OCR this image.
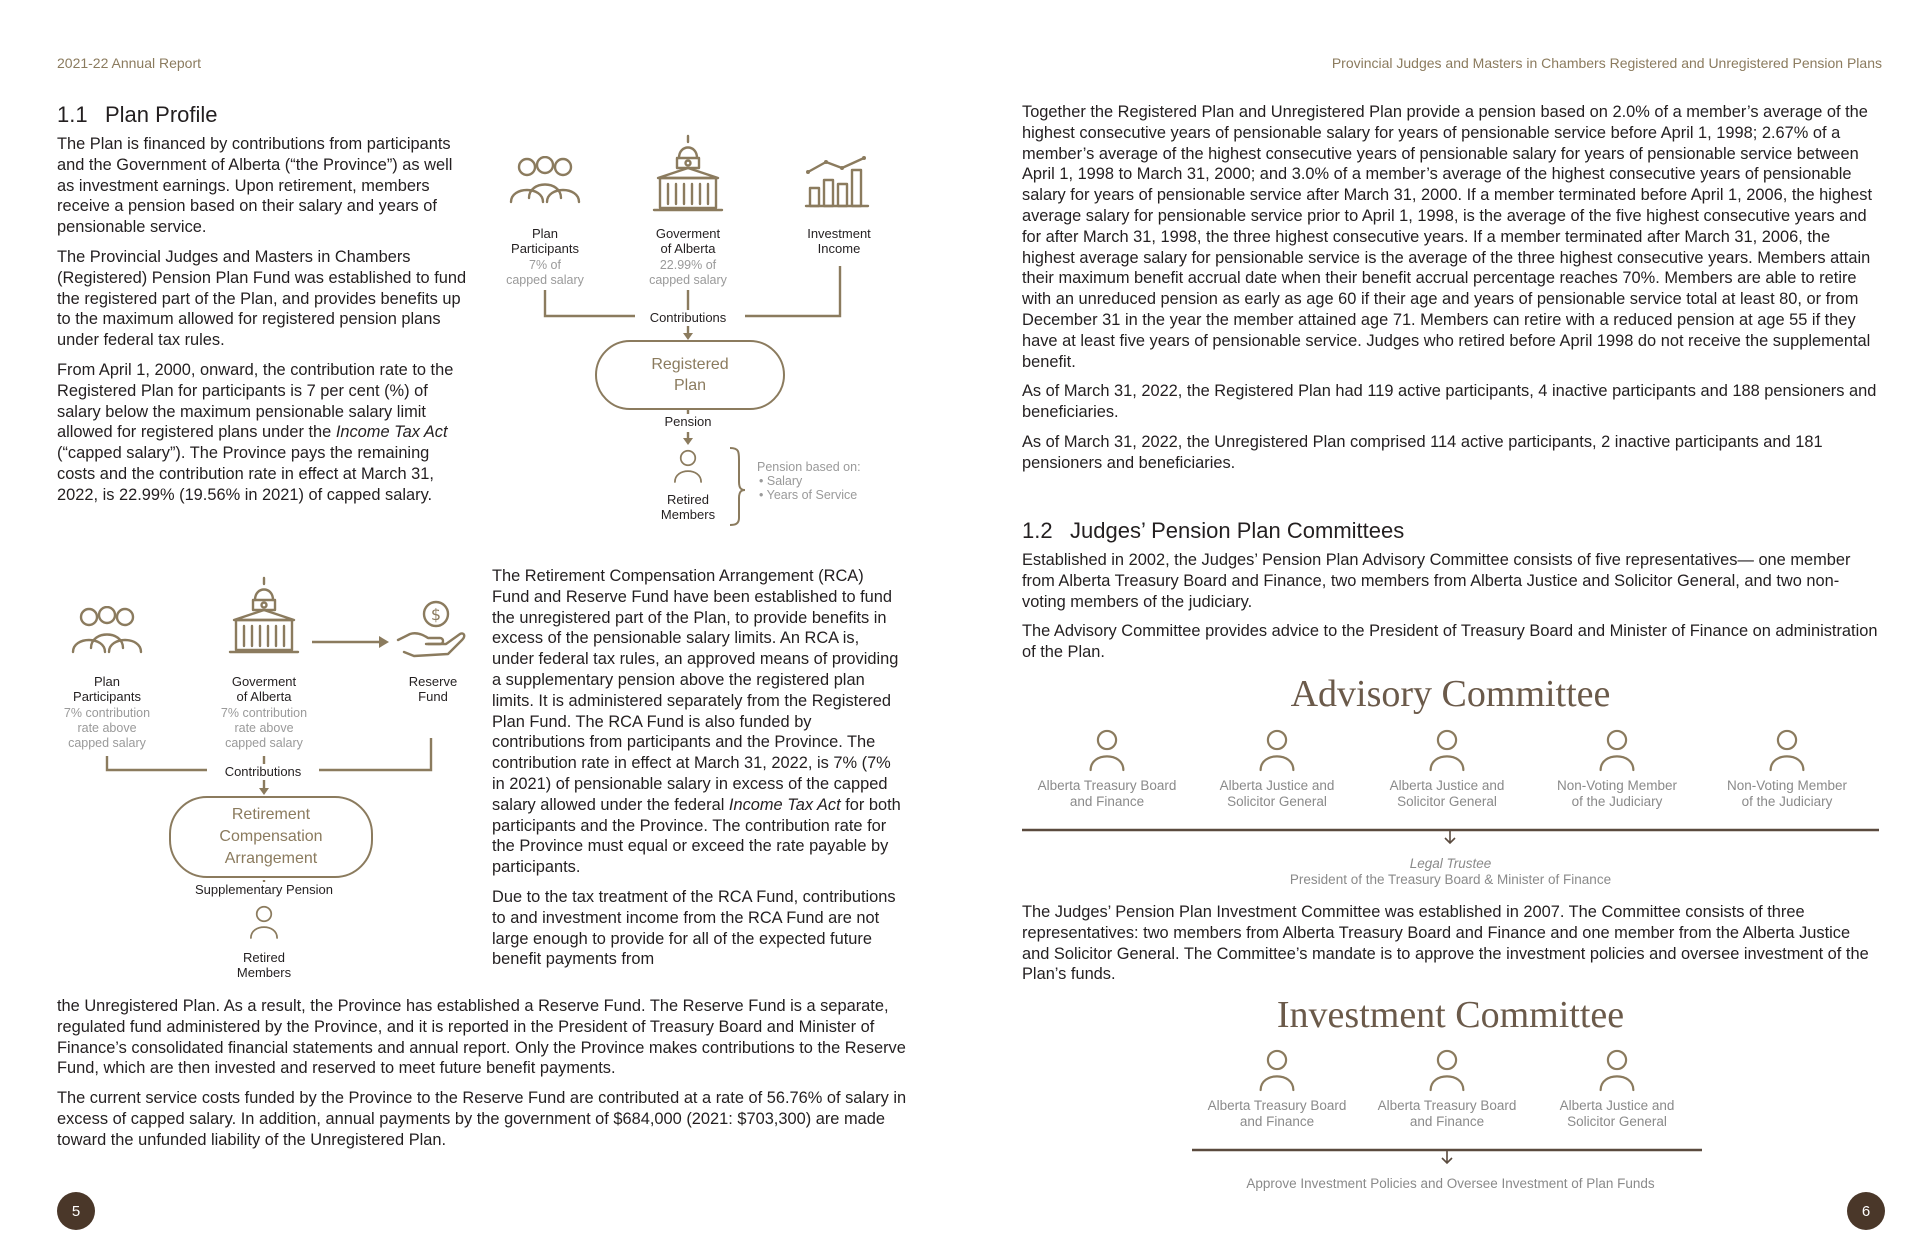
2021-22 Annual Report	Provincial Judges and Masters in Chambers Registered and Unregistered Pension Plans
1.1 Plan Profile

The Plan is financed by contributions from participants and the Government of Alberta (“the Province”) as well as investment earnings. Upon retirement, members receive a pension based on their salary and years of pensionable service.

The Provincial Judges and Masters in Chambers (Registered) Pension Plan Fund was established to fund the registered part of the Plan, and provides benefits up to the maximum allowed for registered pension plans under federal tax rules.

From April 1, 2000, onward, the contribution rate to the Registered Plan for participants is 7 per cent (%) of salary below the maximum pensionable salary limit allowed for registered plans under the Income Tax Act (“capped salary”). The Province pays the remaining costs and the contribution rate in effect at March 31, 2022, is 22.99% (19.56% in 2021) of capped salary.

Plan
Participants
7% of
capped salary
Goverment
of Alberta
22.99% of
capped salary
Investment
Income
Contributions
Registered
Plan
Pension
Retired
Members
Pension based on:
• Salary
• Years of Service
Plan
Participants
7% contribution
rate above
capped salary
Goverment
of Alberta
7% contribution
rate above
capped salary
Reserve
Fund
Contributions
Retirement
Compensation
Arrangement
Supplementary Pension
Retired
Members

The Retirement Compensation Arrangement (RCA) Fund and Reserve Fund have been established to fund the unregistered part of the Plan, to provide benefits in excess of the pensionable salary limits. An RCA is, under federal tax rules, an approved means of providing a supplementary pension above the registered plan limits. It is administered separately from the Registered Plan Fund. The RCA Fund is also funded by contributions from participants and the Province. The contribution rate in effect at March 31, 2022, is 7% (7% in 2021) of pensionable salary in excess of the capped salary allowed under the federal Income Tax Act for both participants and the Province. The contribution rate for the Province must equal or exceed the rate payable by participants.

Due to the tax treatment of the RCA Fund, contributions to and investment income from the RCA Fund are not large enough to provide for all of the expected future benefit payments from

the Unregistered Plan. As a result, the Province has established a Reserve Fund. The Reserve Fund is a separate, regulated fund administered by the Province, and it is reported in the President of Treasury Board and Minister of Finance’s consolidated financial statements and annual report. Only the Province makes contributions to the Reserve Fund, which are then invested and reserved to meet future benefit payments.

The current service costs funded by the Province to the Reserve Fund are contributed at a rate of 56.76% of salary in excess of capped salary. In addition, annual payments by the government of $684,000 (2021: $703,300) are made toward the unfunded liability of the Unregistered Plan.

5

Together the Registered Plan and Unregistered Plan provide a pension based on 2.0% of a member’s average of the highest consecutive years of pensionable salary for years of pensionable service before April 1, 1998; 2.67% of a member’s average of the highest consecutive years of pensionable salary for years of pensionable service between April 1, 1998 to March 31, 2000; and 3.0% of a member’s average of the highest consecutive years of pensionable salary for years of pensionable service after March 31, 2000. If a member terminated before April 1, 2006, the highest average salary for pensionable service prior to April 1, 1998, is the average of the five highest consecutive years and for after March 31, 1998, the three highest consecutive years. If a member terminated after March 31, 2006, the highest average salary for pensionable service is the average of the three highest consecutive years. Members attain their maximum benefit accrual date when their benefit accrual percentage reaches 70%. Members are able to retire with an unreduced pension as early as age 60 if their age and years of pensionable service total at least 80, or from December 31 in the year the member attained age 71. Members can retire with a reduced pension at age 55 if they have at least five years of pensionable service. Judges who retired before April 1998 do not receive the supplemental benefit.

As of March 31, 2022, the Registered Plan had 119 active participants, 4 inactive participants and 188 pensioners and beneficiaries.

As of March 31, 2022, the Unregistered Plan comprised 114 active participants, 2 inactive participants and 181 pensioners and beneficiaries.

1.2 Judges’ Pension Plan Committees

Established in 2002, the Judges’ Pension Plan Advisory Committee consists of five representatives— one member from Alberta Treasury Board and Finance, two members from Alberta Justice and Solicitor General, and two non-voting members of the judiciary.

The Advisory Committee provides advice to the President of Treasury Board and Minister of Finance on administration of the Plan.

Advisory Committee
Alberta Treasury Board
and Finance
Alberta Justice and
Solicitor General
Alberta Justice and
Solicitor General
Non-Voting Member
of the Judiciary
Non-Voting Member
of the Judiciary
Legal Trustee
President of the Treasury Board & Minister of Finance

The Judges’ Pension Plan Investment Committee was established in 2007. The Committee consists of three representatives: two members from Alberta Treasury Board and Finance and one member from the Alberta Justice and Solicitor General. The Committee’s mandate is to approve the investment policies and oversee investment of the Plan’s funds.

Investment Committee
Alberta Treasury Board
and Finance
Alberta Treasury Board
and Finance
Alberta Justice and
Solicitor General
Approve Investment Policies and Oversee Investment of Plan Funds
6
